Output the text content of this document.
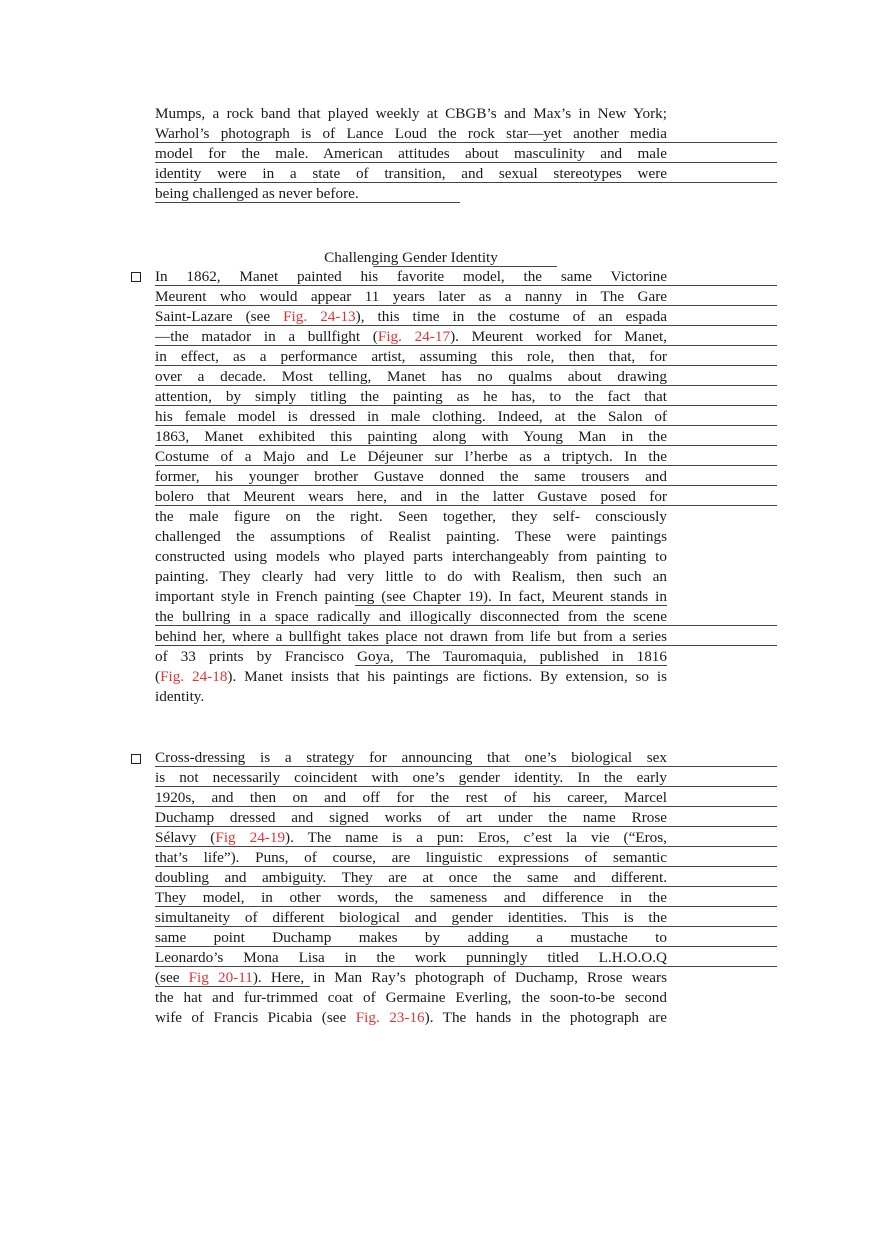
Mumps, a rock band that played weekly at CBGB’s and Max’s in New York;
Warhol’s photograph is of Lance Loud the rock star—yet another media
model for the male. American attitudes about masculinity and male
identity were in a state of transition, and sexual stereotypes were
being challenged as never before.
Challenging Gender Identity
In 1862, Manet painted his favorite model, the same Victorine
Meurent who would appear 11 years later as a nanny in The Gare
Saint-Lazare (see Fig. 24-13), this time in the costume of an espada
—the matador in a bullfight (Fig. 24-17). Meurent worked for Manet,
in effect, as a performance artist, assuming this role, then that, for
over a decade. Most telling, Manet has no qualms about drawing
attention, by simply titling the painting as he has, to the fact that
his female model is dressed in male clothing. Indeed, at the Salon of
1863, Manet exhibited this painting along with Young Man in the
Costume of a Majo and Le Déjeuner sur l’herbe as a triptych. In the
former, his younger brother Gustave donned the same trousers and
bolero that Meurent wears here, and in the latter Gustave posed for
the male figure on the right. Seen together, they self- consciously
challenged the assumptions of Realist painting. These were paintings
constructed using models who played parts interchangeably from painting to
painting. They clearly had very little to do with Realism, then such an
important style in French painting (see Chapter 19). In fact, Meurent stands in
the bullring in a space radically and illogically disconnected from the scene
behind her, where a bullfight takes place not drawn from life but from a series
of 33 prints by Francisco Goya, The Tauromaquia, published in 1816
(Fig. 24-18). Manet insists that his paintings are fictions. By extension, so is
identity.
Cross-dressing is a strategy for announcing that one’s biological sex
is not necessarily coincident with one’s gender identity. In the early
1920s, and then on and off for the rest of his career, Marcel
Duchamp dressed and signed works of art under the name Rrose
Sélavy (Fig 24-19). The name is a pun: Eros, c’est la vie (“Eros,
that’s life”). Puns, of course, are linguistic expressions of semantic
doubling and ambiguity. They are at once the same and different.
They model, in other words, the sameness and difference in the
simultaneity of different biological and gender identities. This is the
same point Duchamp makes by adding a mustache to
Leonardo’s Mona Lisa in the work punningly titled L.H.O.O.Q
(see Fig 20-11). Here, in Man Ray’s photograph of Duchamp, Rrose wears
the hat and fur-trimmed coat of Germaine Everling, the soon-to-be second
wife of Francis Picabia (see Fig. 23-16). The hands in the photograph are
